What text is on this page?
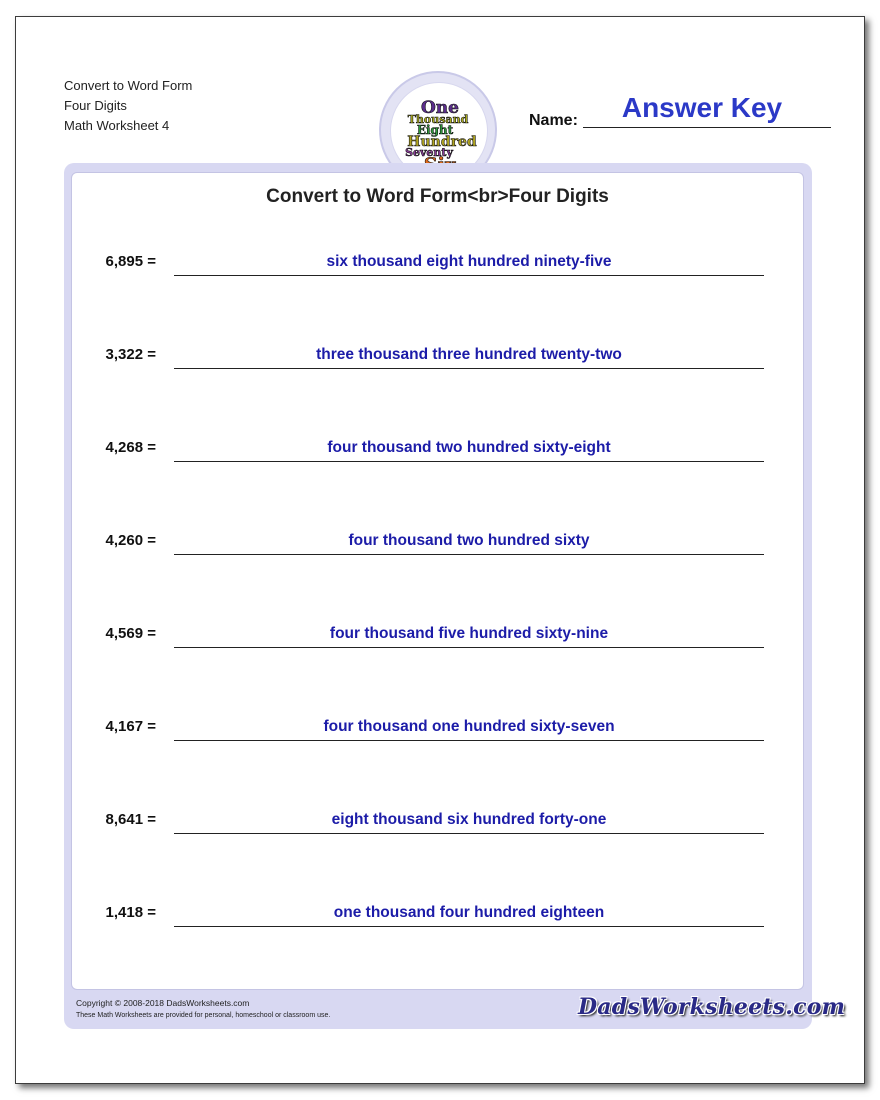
Convert to Word Form
Four Digits
Math Worksheet 4
One
Thousand
Eight
Hundred
Seventy
Name:	Answer Key
Convert to Word Form<br>Four Digits
6,895 =	six thousand eight hundred ninety-five
3,322 =	three thousand three hundred twenty-two
4,268 =	four thousand two hundred sixty-eight
4,260 =	four thousand two hundred sixty
4,569 =	four thousand five hundred sixty-nine
4,167 =	four thousand one hundred sixty-seven
8,641 =	eight thousand six hundred forty-one
1,418 =	one thousand four hundred eighteen
Copyright © 2008-2018 DadsWorksheets.com
These Math Worksheets are provided for personal, homeschool or classroom use.	DadsWorksheets.com
